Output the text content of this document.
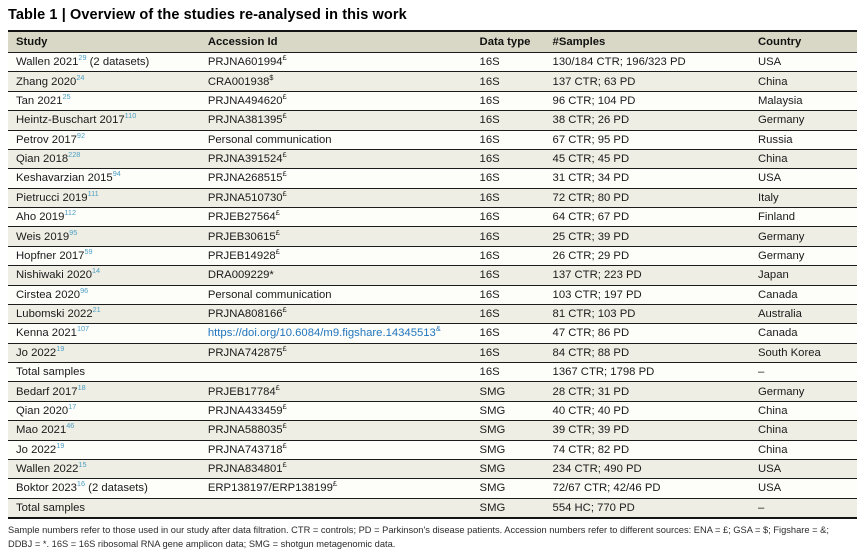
Table 1 | Overview of the studies re-analysed in this work
Study	Accession Id	Data type	#Samples	Country
Wallen 2021$^{29}$ (2 datasets)	PRJNA601994£	16S	130/184 CTR; 196/323 PD	USA
Zhang 2020$^{24}$	CRA001938$	16S	137 CTR; 63 PD	China
Tan 2021$^{25}$	PRJNA494620£	16S	96 CTR; 104 PD	Malaysia
Heintz-Buschart 2017$^{110}$	PRJNA381395£	16S	38 CTR; 26 PD	Germany
Petrov 2017$^{92}$	Personal communication	16S	67 CTR; 95 PD	Russia
Qian 2018$^{228}$	PRJNA391524£	16S	45 CTR; 45 PD	China
Keshavarzian 2015$^{94}$	PRJNA268515£	16S	31 CTR; 34 PD	USA
Pietrucci 2019$^{111}$	PRJNA510730£	16S	72 CTR; 80 PD	Italy
Aho 2019$^{112}$	PRJEB27564£	16S	64 CTR; 67 PD	Finland
Weis 2019$^{95}$	PRJEB30615£	16S	25 CTR; 39 PD	Germany
Hopfner 2017$^{59}$	PRJEB14928£	16S	26 CTR; 29 PD	Germany
Nishiwaki 2020$^{14}$	DRA009229*	16S	137 CTR; 223 PD	Japan
Cirstea 2020$^{96}$	Personal communication	16S	103 CTR; 197 PD	Canada
Lubomski 2022$^{21}$	PRJNA808166£	16S	81 CTR; 103 PD	Australia
Kenna 2021$^{107}$	https://doi.org/10.6084/m9.figshare.14345513&	16S	47 CTR; 86 PD	Canada
Jo 2022$^{19}$	PRJNA742875£	16S	84 CTR; 88 PD	South Korea
Total samples		16S	1367 CTR; 1798 PD	–
Bedarf 2017$^{18}$	PRJEB17784£	SMG	28 CTR; 31 PD	Germany
Qian 2020$^{17}$	PRJNA433459£	SMG	40 CTR; 40 PD	China
Mao 2021$^{46}$	PRJNA588035£	SMG	39 CTR; 39 PD	China
Jo 2022$^{19}$	PRJNA743718£	SMG	74 CTR; 82 PD	China
Wallen 2022$^{15}$	PRJNA834801£	SMG	234 CTR; 490 PD	USA
Boktor 2023$^{16}$ (2 datasets)	ERP138197/ERP138199£	SMG	72/67 CTR; 42/46 PD	USA
Total samples		SMG	554 HC; 770 PD	–
Sample numbers refer to those used in our study after data filtration. CTR = controls; PD = Parkinson's disease patients. Accession numbers refer to different sources: ENA = £; GSA = $; Figshare = &;
DDBJ = *. 16S = 16S ribosomal RNA gene amplicon data; SMG = shotgun metagenomic data.
